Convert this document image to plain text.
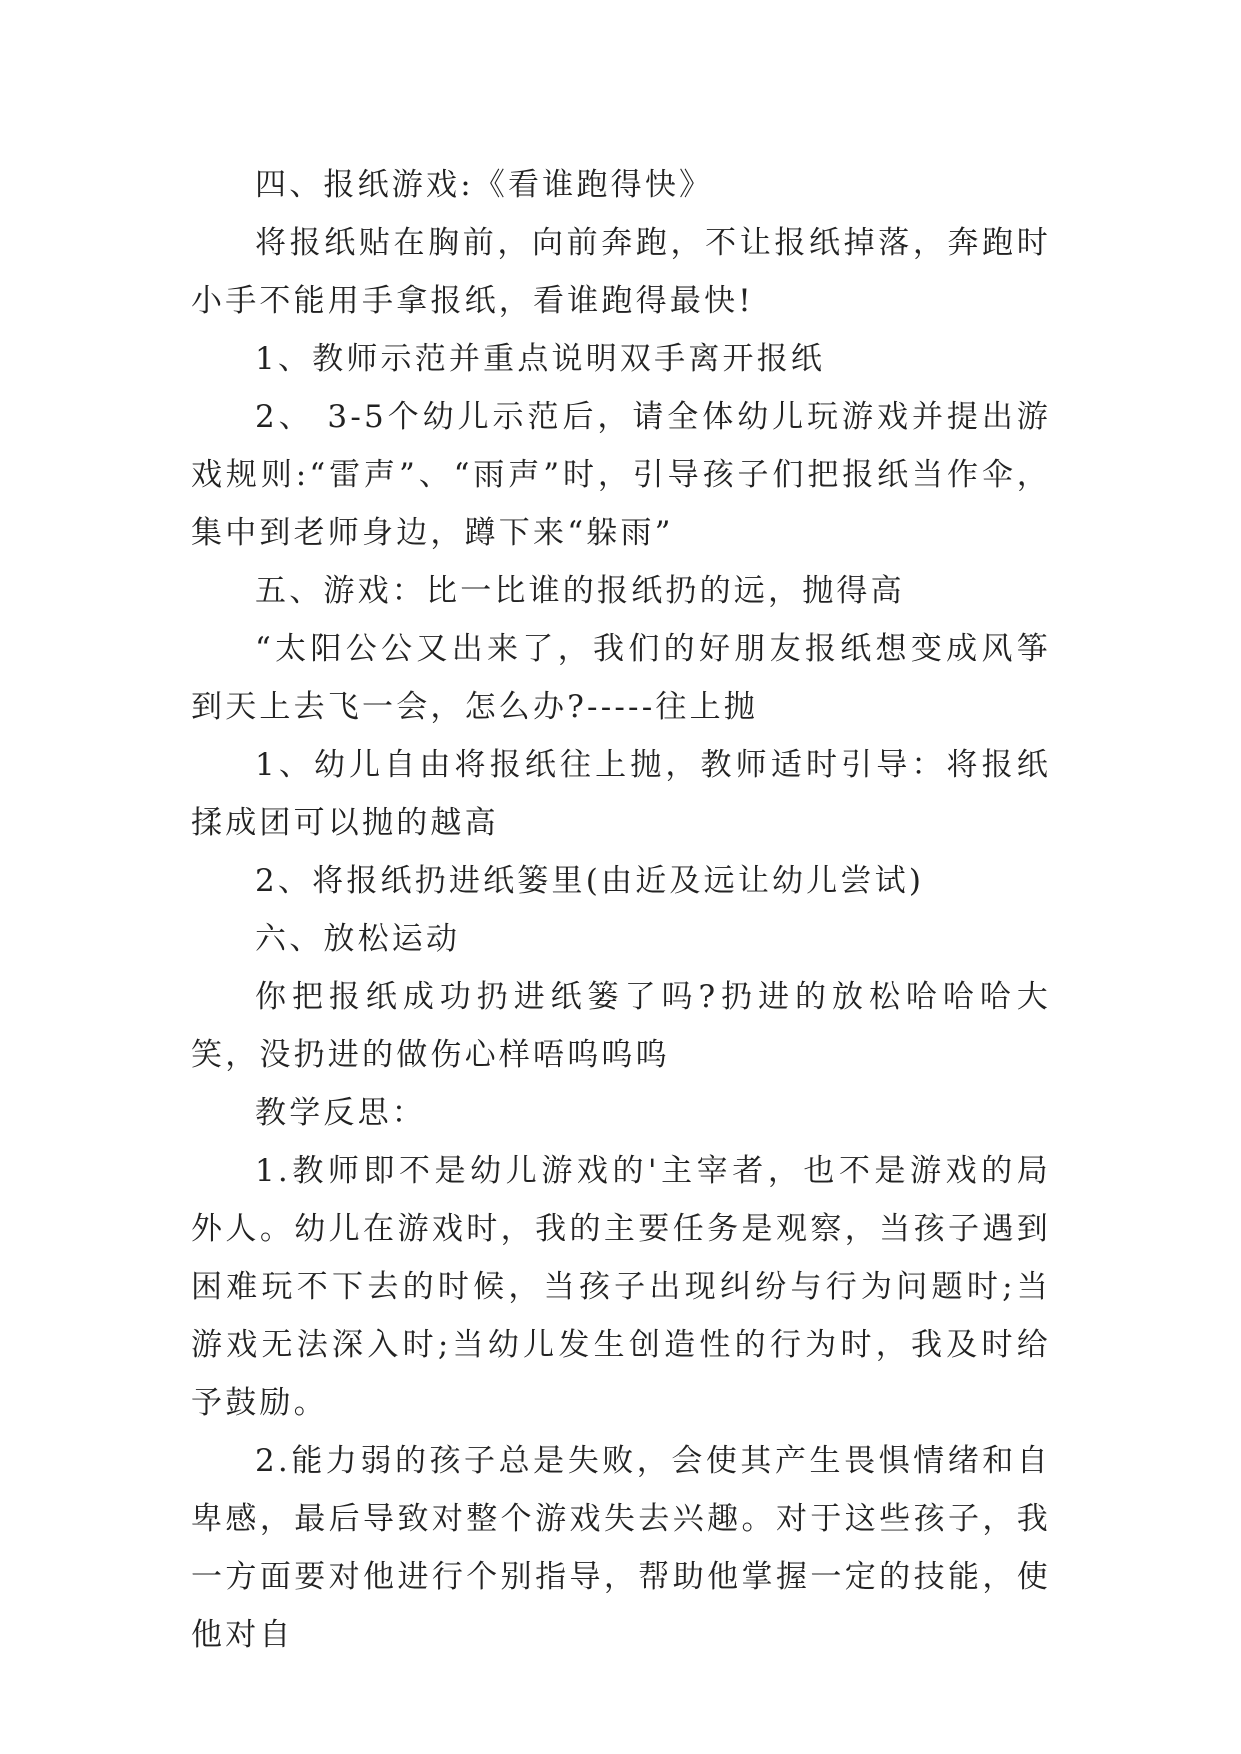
四、报纸游戏:《看谁跑得快》

将报纸贴在胸前，向前奔跑，不让报纸掉落，奔跑时小手不能用手拿报纸，看谁跑得最快!

1、教师示范并重点说明双手离开报纸

2、 3-5个幼儿示范后，请全体幼儿玩游戏并提出游戏规则:“雷声”、“雨声”时，引导孩子们把报纸当作伞，集中到老师身边，蹲下来“躲雨”

五、游戏：比一比谁的报纸扔的远，抛得高

“太阳公公又出来了，我们的好朋友报纸想变成风筝到天上去飞一会，怎么办?-----往上抛

1、幼儿自由将报纸往上抛，教师适时引导：将报纸揉成团可以抛的越高

2、将报纸扔进纸篓里(由近及远让幼儿尝试)

六、放松运动

你把报纸成功扔进纸篓了吗?扔进的放松哈哈哈大笑，没扔进的做伤心样唔呜呜呜

教学反思：

1.教师即不是幼儿游戏的'主宰者，也不是游戏的局外人。幼儿在游戏时，我的主要任务是观察，当孩子遇到困难玩不下去的时候，当孩子出现纠纷与行为问题时;当游戏无法深入时;当幼儿发生创造性的行为时，我及时给予鼓励。

2.能力弱的孩子总是失败，会使其产生畏惧情绪和自卑感，最后导致对整个游戏失去兴趣。对于这些孩子，我一方面要对他进行个别指导，帮助他掌握一定的技能，使他对自
